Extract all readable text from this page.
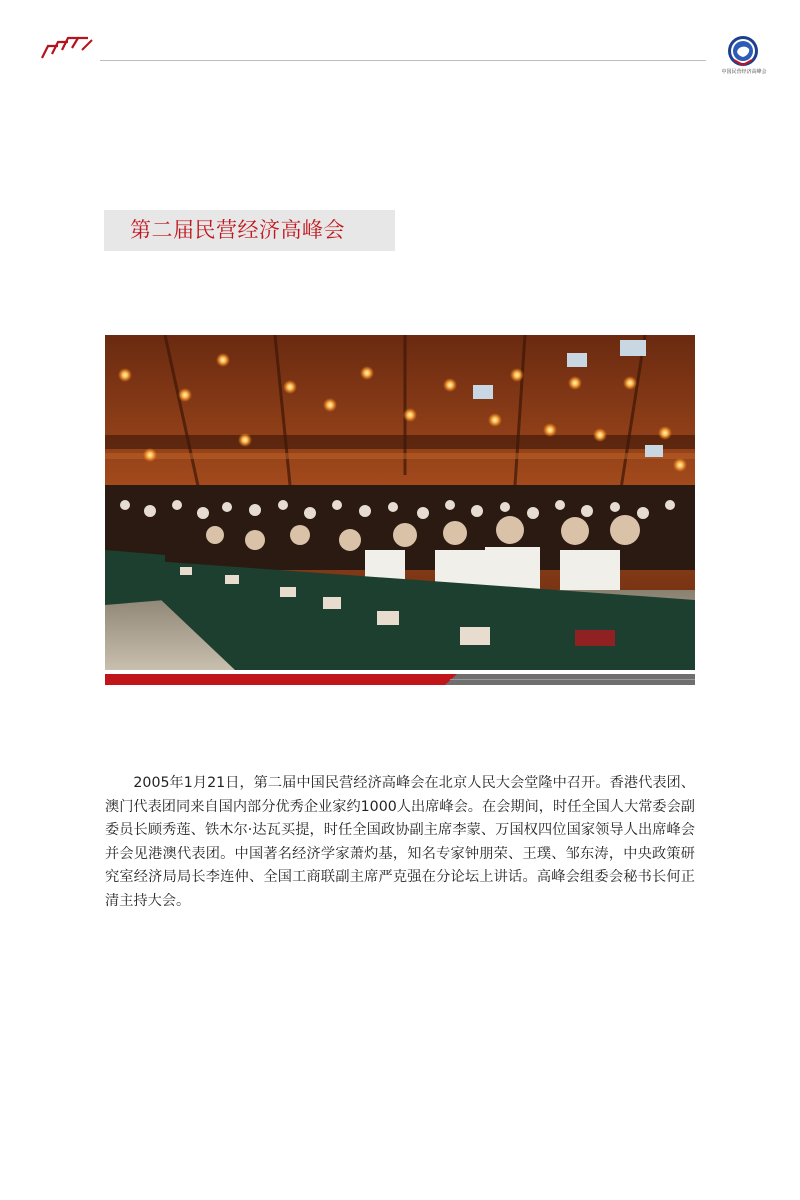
中国民营经济高峰会
第二届民营经济高峰会
2005年1月21日，第二届中国民营经济高峰会在北京人民大会堂隆中召开。香港代表团、澳门代表团同来自国内部分优秀企业家约1000人出席峰会。在会期间，时任全国人大常委会副委员长顾秀莲、铁木尔·达瓦买提，时任全国政协副主席李蒙、万国权四位国家领导人出席峰会并会见港澳代表团。中国著名经济学家萧灼基，知名专家钟朋荣、王璞、邹东涛，中央政策研究室经济局局长李连仲、全国工商联副主席严克强在分论坛上讲话。高峰会组委会秘书长何正清主持大会。
